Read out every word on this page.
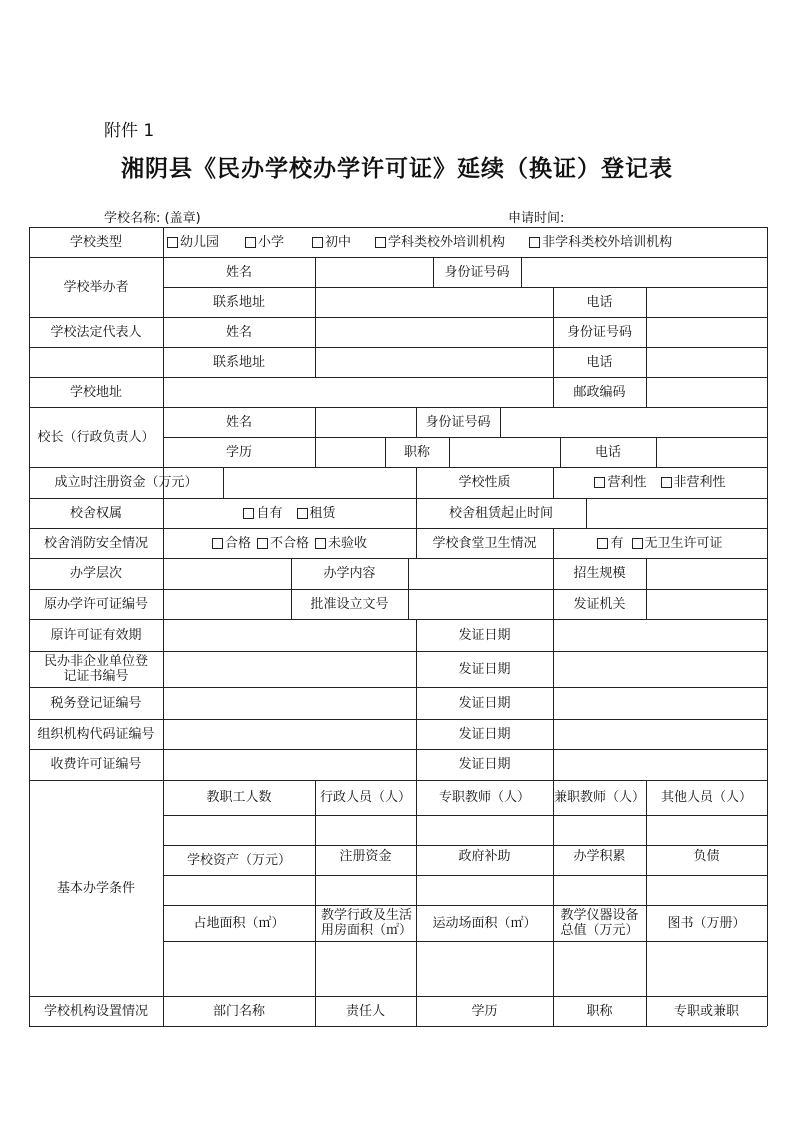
附件 1
湘阴县《民办学校办学许可证》延续（换证）登记表
学校名称: (盖章)	申请时间:
学校类型	幼儿园	小学	初中	学科类校外培训机构	非学科类校外培训机构
学校举办者
姓名	身份证号码
联系地址	电话
学校法定代表人	姓名	身份证号码
联系地址	电话
学校地址	邮政编码
校长（行政负责人）
姓名	身份证号码
学历	职称	电话
成立时注册资金（万元）	学校性质	营利性 非营利性
校舍权属	自有 租赁	校舍租赁起止时间
校舍消防安全情况	合格 不合格 未验收	学校食堂卫生情况	有 无卫生许可证
办学层次	办学内容	招生规模
原办学许可证编号	批准设立文号	发证机关
原许可证有效期	发证日期
民办非企业单位登记证书编号	发证日期
税务登记证编号	发证日期
组织机构代码证编号	发证日期
收费许可证编号	发证日期
基本办学条件
教职工人数	行政人员（人）	专职教师（人）	兼职教师（人）	其他人员（人）
学校资产（万元）	注册资金	政府补助	办学积累	负债
占地面积（㎡）	教学行政及生活用房面积（㎡）	运动场面积（㎡）	教学仪器设备总值（万元）	图书（万册）
学校机构设置情况	部门名称	责任人	学历	职称	专职或兼职
